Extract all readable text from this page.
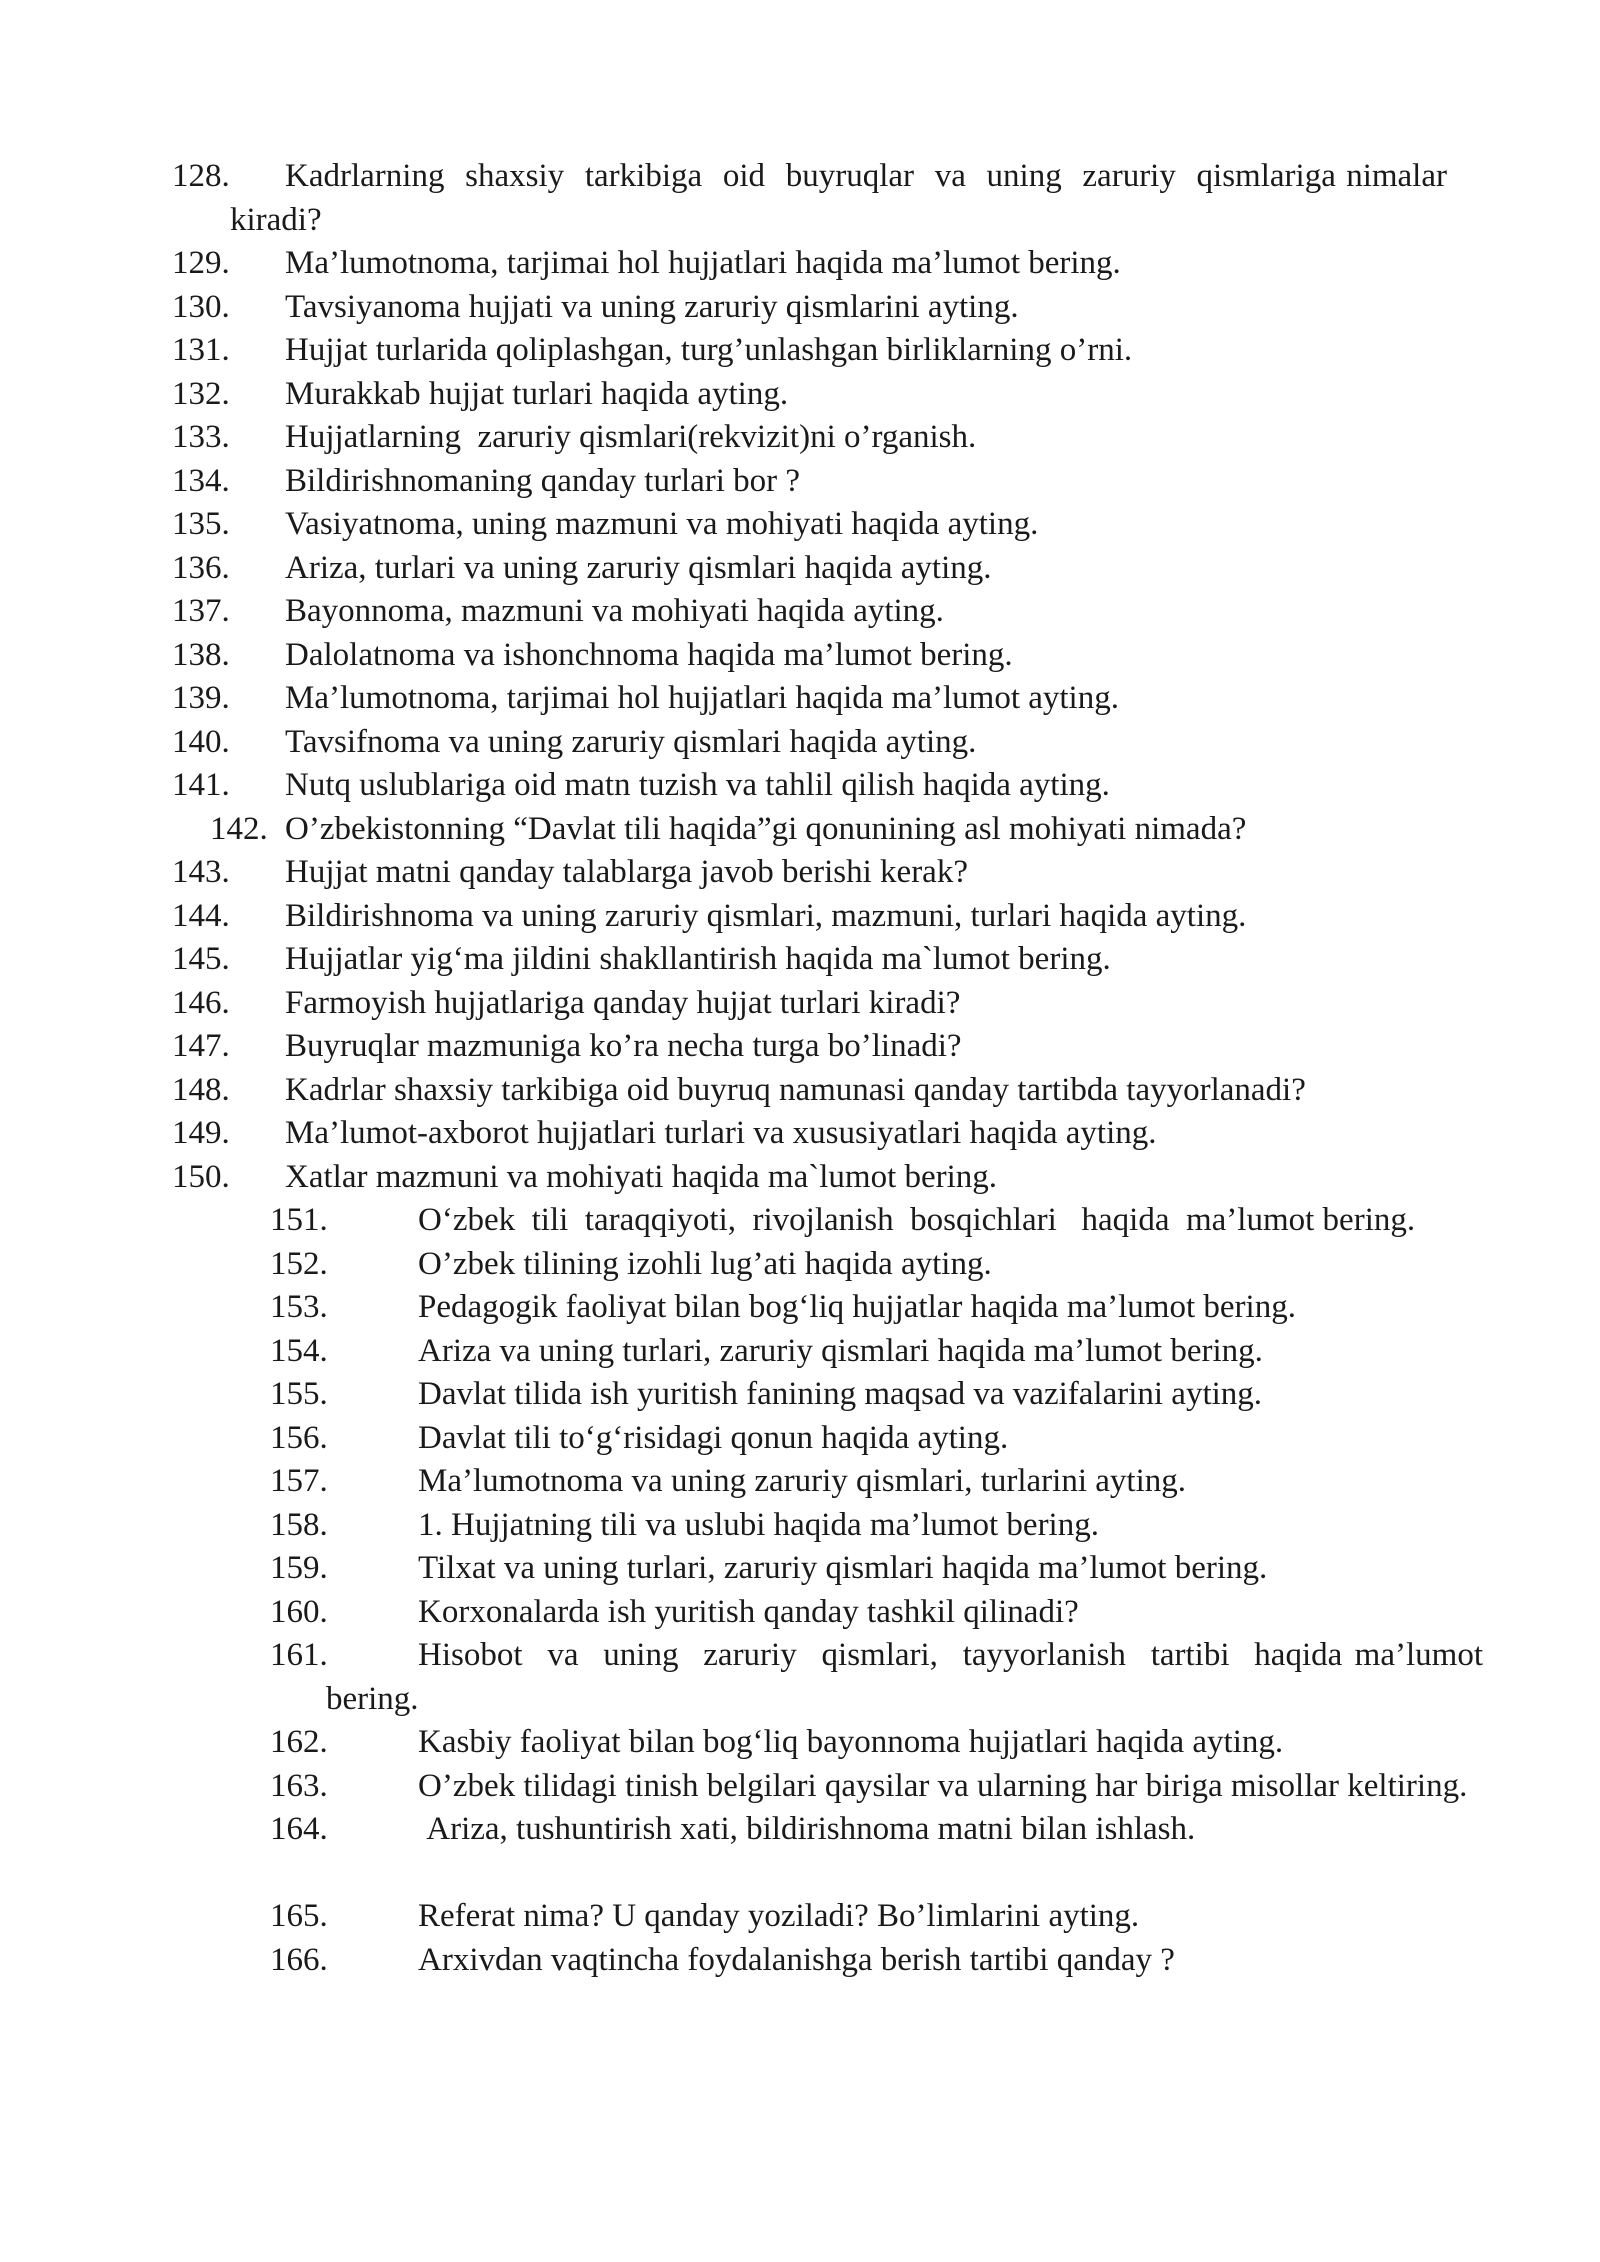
128.	Kadrlarning  shaxsiy  tarkibiga  oid  buyruqlar  va  uning  zaruriy  qismlariga nimalar  kiradi?
129.	Ma’lumotnoma, tarjimai hol hujjatlari haqida ma’lumot bering.
130.	Tavsiyanoma hujjati va uning zaruriy qismlarini ayting.
131.	Hujjat turlarida qoliplashgan, turg’unlashgan birliklarning o’rni.
132.	Murakkab hujjat turlari haqida ayting.
133.	Hujjatlarning  zaruriy qismlari(rekvizit)ni o’rganish.
134.	Bildirishnomaning qanday turlari bor ?
135.	Vasiyatnoma, uning mazmuni va mohiyati haqida ayting.
136.	Ariza, turlari va uning zaruriy qismlari haqida ayting.
137.	Bayonnoma, mazmuni va mohiyati haqida ayting.
138.	Dalolatnoma va ishonchnoma haqida ma’lumot bering.
139.	Ma’lumotnoma, tarjimai hol hujjatlari haqida ma’lumot ayting.
140.	Tavsifnoma va uning zaruriy qismlari haqida ayting.
141.	Nutq uslublariga oid matn tuzish va tahlil qilish haqida ayting.
142. O’zbekistonning “Davlat tili haqida”gi qonunining asl mohiyati nimada?
143.	Hujjat matni qanday talablarga javob berishi kerak?
144.	Bildirishnoma va uning zaruriy qismlari, mazmuni, turlari haqida ayting.
145.	Hujjatlar yig‘ma jildini shakllantirish haqida ma`lumot bering.
146.	Farmoyish hujjatlariga qanday hujjat turlari kiradi?
147.	Buyruqlar mazmuniga ko’ra necha turga bo’linadi?
148.	Kadrlar shaxsiy tarkibiga oid buyruq namunasi qanday tartibda tayyorlanadi?
149.	Ma’lumot-axborot hujjatlari turlari va xususiyatlari haqida ayting.
150.	Xatlar mazmuni va mohiyati haqida ma`lumot bering.
151.	O‘zbek  tili  taraqqiyoti,  rivojlanish  bosqichlari   haqida  ma’lumot bering.
152.	O’zbek tilining izohli lug’ati haqida ayting.
153.	Pedagogik faoliyat bilan bog‘liq hujjatlar haqida ma’lumot bering.
154.	Ariza va uning turlari, zaruriy qismlari haqida ma’lumot bering.
155.	Davlat tilida ish yuritish fanining maqsad va vazifalarini ayting.
156.	Davlat tili to‘g‘risidagi qonun haqida ayting.
157.	Ma’lumotnoma va uning zaruriy qismlari, turlarini ayting.
158.	1. Hujjatning tili va uslubi haqida ma’lumot bering.
159.	Tilxat va uning turlari, zaruriy qismlari haqida ma’lumot bering.
160.	Korxonalarda ish yuritish qanday tashkil qilinadi?
161.	Hisobot  va  uning  zaruriy  qismlari,  tayyorlanish  tartibi  haqida ma’lumot bering.
162.	Kasbiy faoliyat bilan bog‘liq bayonnoma hujjatlari haqida ayting.
163.	O’zbek tilidagi tinish belgilari qaysilar va ularning har biriga misollar keltiring.
164.	Ariza, tushuntirish xati, bildirishnoma matni bilan ishlash.
165.	Referat nima? U qanday yoziladi? Bo’limlarini ayting.
166.	Arxivdan vaqtincha foydalanishga berish tartibi qanday ?
